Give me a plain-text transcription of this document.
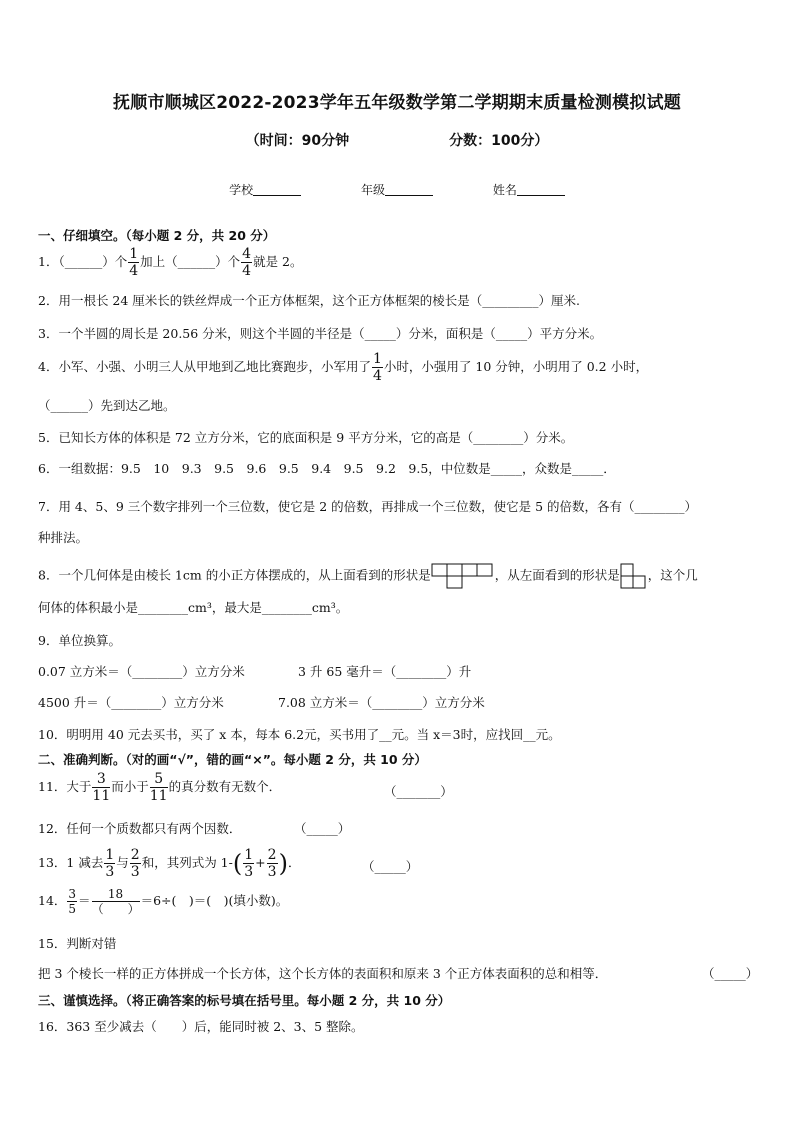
抚顺市顺城区2022-2023学年五年级数学第二学期期末质量检测模拟试题
（时间：90分钟	分数：100分）
学校	年级	姓名
一、仔细填空。（每小题 2 分，共 20 分）
1．（______）个 $\frac{1}{4}$ 加上（______）个 $\frac{4}{4}$ 就是 2。
2．用一根长 24 厘米长的铁丝焊成一个正方体框架，这个正方体框架的棱长是（_________）厘米.
3．一个半圆的周长是 20.56 分米，则这个半圆的半径是（_____）分米，面积是（_____）平方分米。
4．小军、小强、小明三人从甲地到乙地比赛跑步，小军用了 $\frac{1}{4}$ 小时，小强用了 10 分钟，小明用了 0.2 小时，
（______）先到达乙地。
5．已知长方体的体积是 72 立方分米，它的底面积是 9 平方分米，它的高是（________）分米。
6．一组数据：9.5　10　9.3　9.5　9.6　9.5　9.4　9.5　9.2　9.5，中位数是_____，众数是_____．
7．用 4、5、9 三个数字排列一个三位数，使它是 2 的倍数，再排成一个三位数，使它是 5 的倍数，各有（________）
种排法。
8．一个几何体是由棱长 1cm 的小正方体摆成的，从上面看到的形状是	，从左面看到的形状是 ，这个几
何体的体积最小是________cm³，最大是________cm³。
9．单位换算。
0.07 立方米＝（________）立方分米	3 升 65 毫升＝（________）升
4500 升＝（________）立方分米	7.08 立方米＝（________）立方分米
10．明明用 40 元去买书，买了 x 本，每本 6.2元，买书用了__元。当 x＝3时，应找回__元。
二、准确判断。（对的画“√”，错的画“×”。每小题 2 分，共 10 分）
11．大于 $\frac{3}{11}$ 而小于 $\frac{5}{11}$ 的真分数有无数个．	（_______）
12．任何一个质数都只有两个因数．	（_____）
13．1 减去 $\frac{1}{3}$ 与 $\frac{2}{3}$ 和，其列式为 $1-( \frac{1}{3} + \frac{2}{3}$ )．	（_____）
14． $\frac{3}{5} = \frac{18}{( )} =6\div$(　)＝(　)(填小数)。
15．判断对错
把 3 个棱长一样的正方体拼成一个长方体，这个长方体的表面积和原来 3 个正方体表面积的总和相等．	（_____）
三、谨慎选择。（将正确答案的标号填在括号里。每小题 2 分，共 10 分）
16．363 至少减去（　　）后，能同时被 2、3、5 整除。
